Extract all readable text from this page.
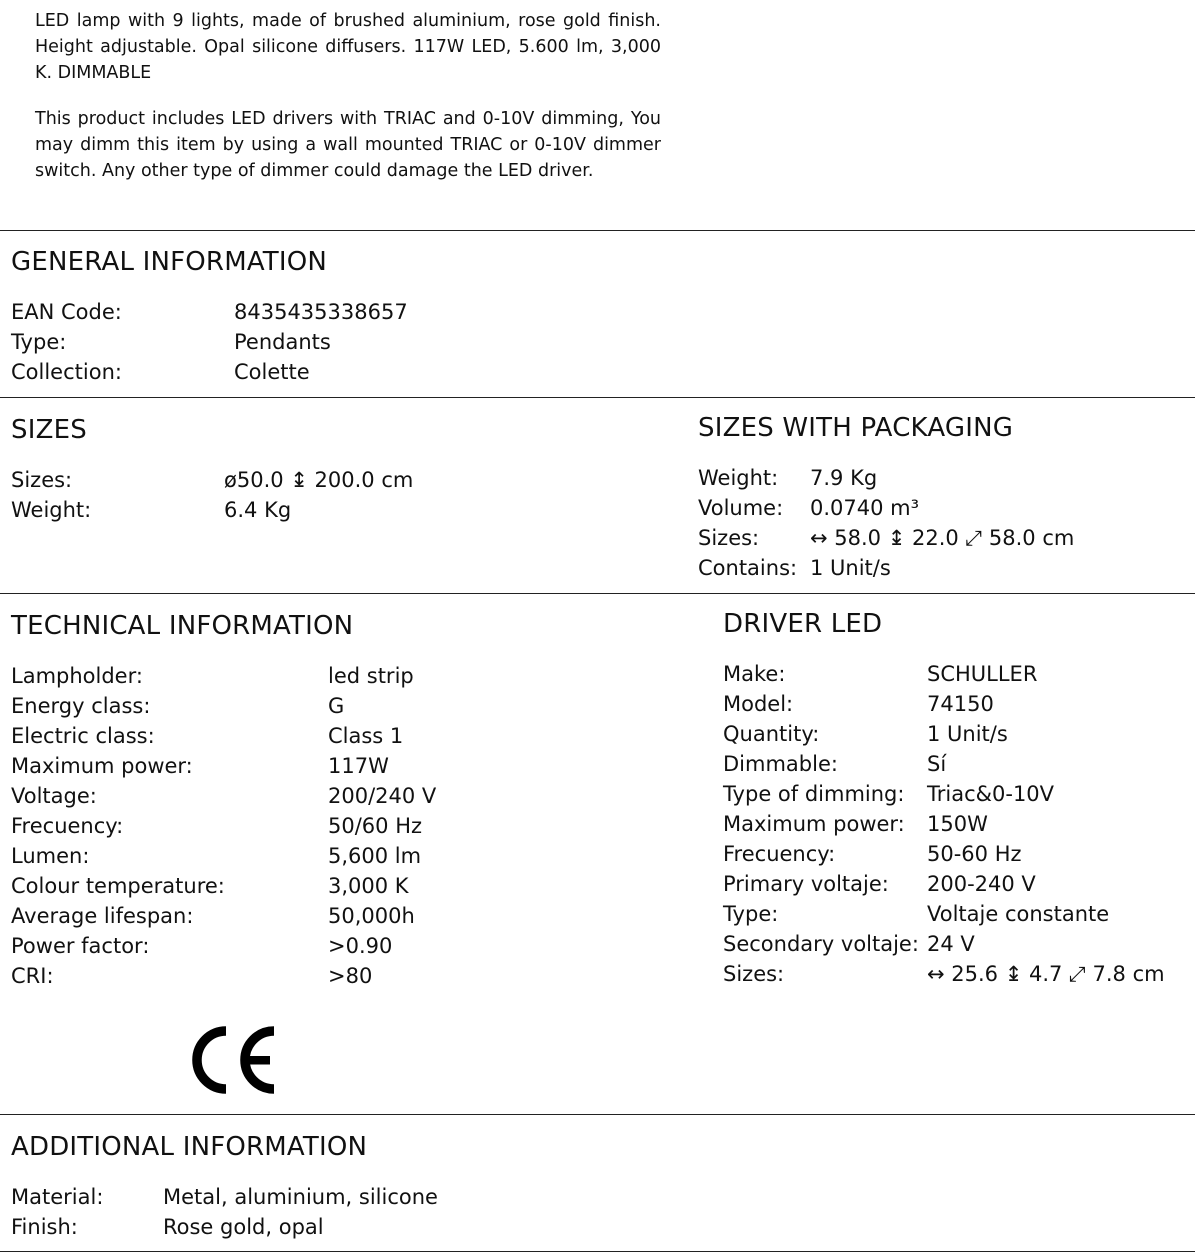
LED lamp with 9 lights, made of brushed aluminium, rose gold finish. Height adjustable. Opal silicone diffusers. 117W LED, 5.600 lm, 3,000 K. DIMMABLE

This product includes LED drivers with TRIAC and 0-10V dimming, You may dimm this item by using a wall mounted TRIAC or 0-10V dimmer switch. Any other type of dimmer could damage the LED driver.

GENERAL INFORMATION
EAN Code:	8435435338657
Type:	Pendants
Collection:	Colette
SIZES
Sizes:	ø50.0 ↨ 200.0 cm
Weight:	6.4 Kg
SIZES WITH PACKAGING
Weight: 7.9 Kg
Volume: 0.0740 m³
Sizes: ↔ 58.0 ↨ 22.0 ⤢ 58.0 cm
Contains: 1 Unit/s
TECHNICAL INFORMATION
Lampholder:	led strip
Energy class:	G
Electric class:	Class 1
Maximum power:	117W
Voltage:	200/240 V
Frecuency:	50/60 Hz
Lumen:	5,600 lm
Colour temperature:	3,000 K
Average lifespan:	50,000h
Power factor:	>0.90
CRI:	>80
DRIVER LED
Make:	SCHULLER
Model:	74150
Quantity:	1 Unit/s
Dimmable:	Sí
Type of dimming: Triac&0-10V
Maximum power: 150W
Frecuency:	50-60 Hz
Primary voltaje: 200-240 V
Type:	Voltaje constante
Secondary voltaje: 24 V
Sizes:	↔ 25.6 ↨ 4.7 ⤢ 7.8 cm
ADDITIONAL INFORMATION
Material:	Metal, aluminium, silicone
Finish:	Rose gold, opal
